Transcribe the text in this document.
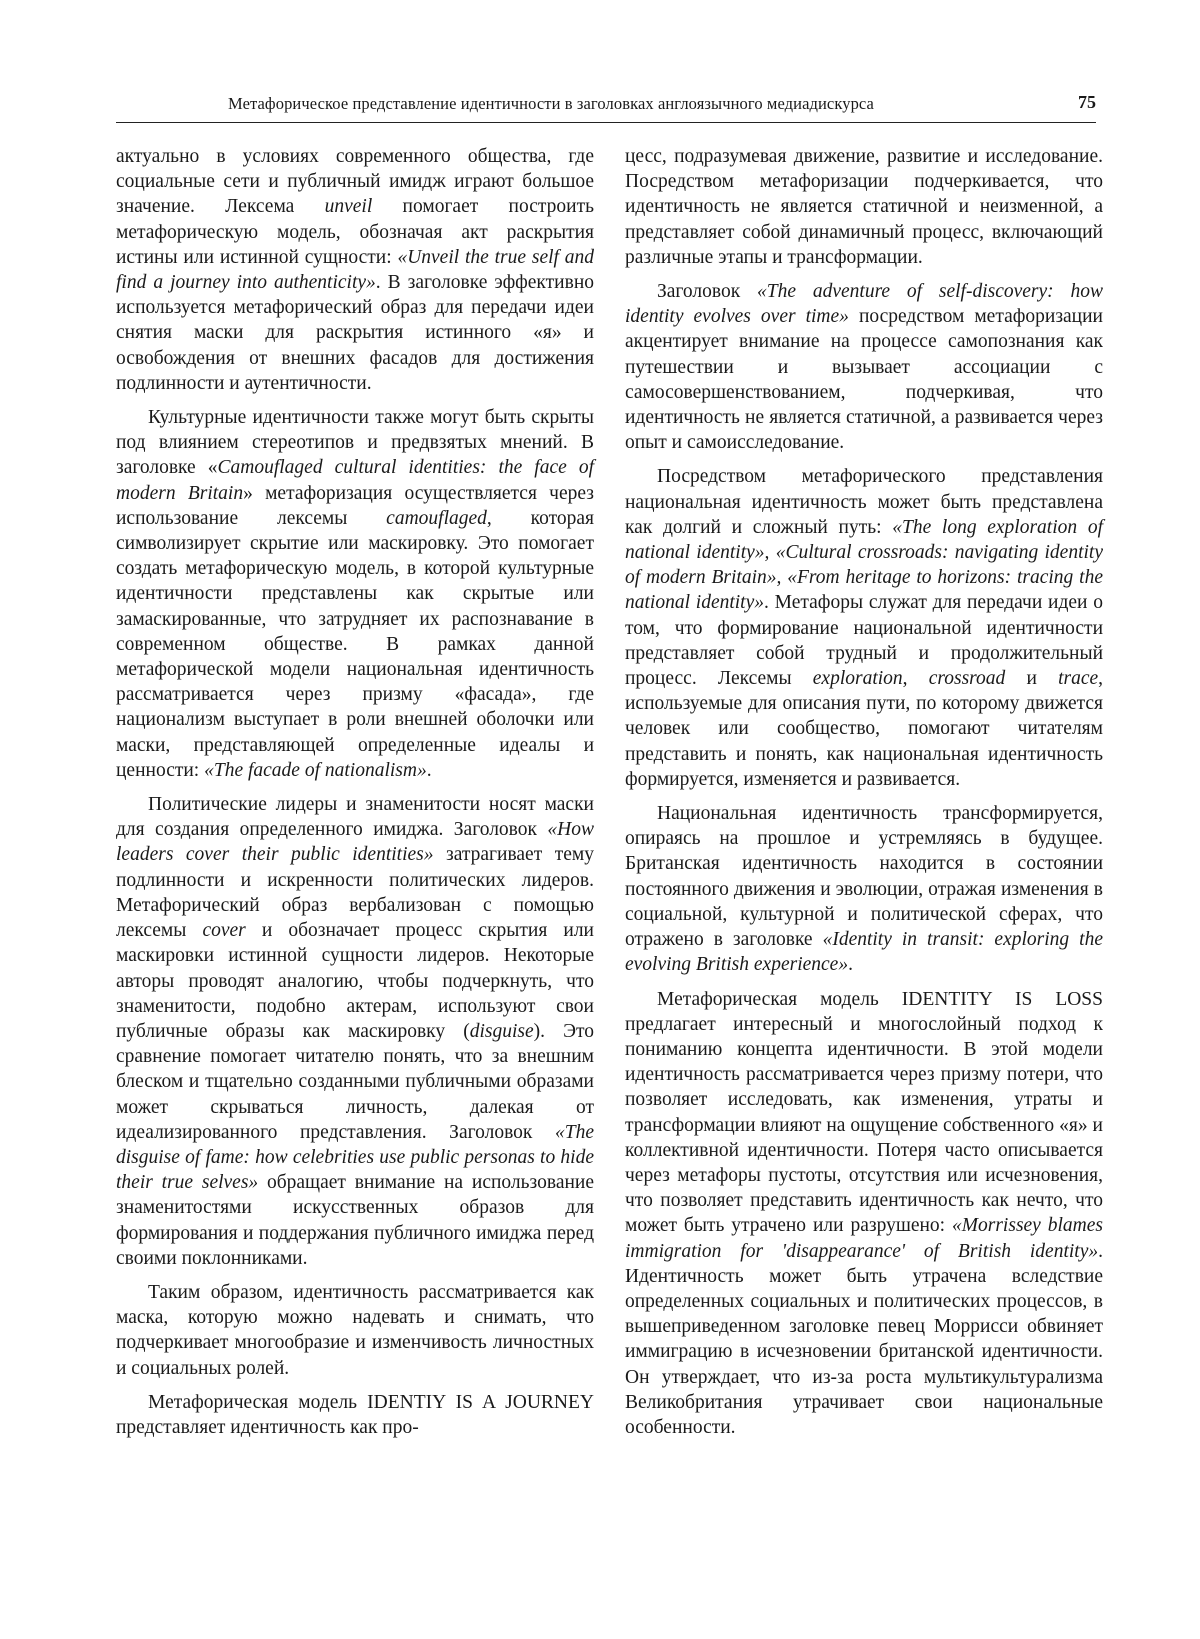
Метафорическое представление идентичности в заголовках англоязычного медиадискурса	75

актуально в условиях современного общества, где социальные сети и публичный имидж играют большое значение. Лексема unveil помогает построить метафорическую модель, обозначая акт раскрытия истины или истинной сущности: «Unveil the true self and find a journey into authenticity». В заголовке эффективно используется метафорический образ для передачи идеи снятия маски для раскрытия истинного «я» и освобождения от внешних фасадов для достижения подлинности и аутентичности.

Культурные идентичности также могут быть скрыты под влиянием стереотипов и предвзятых мнений. В заголовке «Camouflaged cultural identities: the face of modern Britain» метафоризация осуществляется через использование лексемы camouflaged, которая символизирует скрытие или маскировку. Это помогает создать метафорическую модель, в которой культурные идентичности представлены как скрытые или замаскированные, что затрудняет их распознавание в современном обществе. В рамках данной метафорической модели национальная идентичность рассматривается через призму «фасада», где национализм выступает в роли внешней оболочки или маски, представляющей определенные идеалы и ценности: «The facade of nationalism».

Политические лидеры и знаменитости носят маски для создания определенного имиджа. Заголовок «How leaders cover their public identities» затрагивает тему подлинности и искренности политических лидеров. Метафорический образ вербализован с помощью лексемы cover и обозначает процесс скрытия или маскировки истинной сущности лидеров. Некоторые авторы проводят аналогию, чтобы подчеркнуть, что знаменитости, подобно актерам, используют свои публичные образы как маскировку (disguise). Это сравнение помогает читателю понять, что за внешним блеском и тщательно созданными публичными образами может скрываться личность, далекая от идеализированного представления. Заголовок «The disguise of fame: how celebrities use public personas to hide their true selves» обращает внимание на использование знаменитостями искусственных образов для формирования и поддержания публичного имиджа перед своими поклонниками.

Таким образом, идентичность рассматривается как маска, которую можно надевать и снимать, что подчеркивает многообразие и изменчивость личностных и социальных ролей.

Метафорическая модель IDENTIY IS A JOURNEY представляет идентичность как про-

цесс, подразумевая движение, развитие и исследование. Посредством метафоризации подчеркивается, что идентичность не является статичной и неизменной, а представляет собой динамичный процесс, включающий различные этапы и трансформации.

Заголовок «The adventure of self-discovery: how identity evolves over time» посредством метафоризации акцентирует внимание на процессе самопознания как путешествии и вызывает ассоциации с самосовершенствованием, подчеркивая, что идентичность не является статичной, а развивается через опыт и самоисследование.

Посредством метафорического представления национальная идентичность может быть представлена как долгий и сложный путь: «The long exploration of national identity», «Cultural crossroads: navigating identity of modern Britain», «From heritage to horizons: tracing the national identity». Метафоры служат для передачи идеи о том, что формирование национальной идентичности представляет собой трудный и продолжительный процесс. Лексемы exploration, crossroad и trace, используемые для описания пути, по которому движется человек или сообщество, помогают читателям представить и понять, как национальная идентичность формируется, изменяется и развивается.

Национальная идентичность трансформируется, опираясь на прошлое и устремляясь в будущее. Британская идентичность находится в состоянии постоянного движения и эволюции, отражая изменения в социальной, культурной и политической сферах, что отражено в заголовке «Identity in transit: exploring the evolving British experience».

Метафорическая модель IDENTITY IS LOSS предлагает интересный и многослойный подход к пониманию концепта идентичности. В этой модели идентичность рассматривается через призму потери, что позволяет исследовать, как изменения, утраты и трансформации влияют на ощущение собственного «я» и коллективной идентичности. Потеря часто описывается через метафоры пустоты, отсутствия или исчезновения, что позволяет представить идентичность как нечто, что может быть утрачено или разрушено: «Morrissey blames immigration for 'disappearance' of British identity». Идентичность может быть утрачена вследствие определенных социальных и политических процессов, в вышеприведенном заголовке певец Моррисси обвиняет иммиграцию в исчезновении британской идентичности. Он утверждает, что из-за роста мультикультурализма Великобритания утрачивает свои национальные особенности.
